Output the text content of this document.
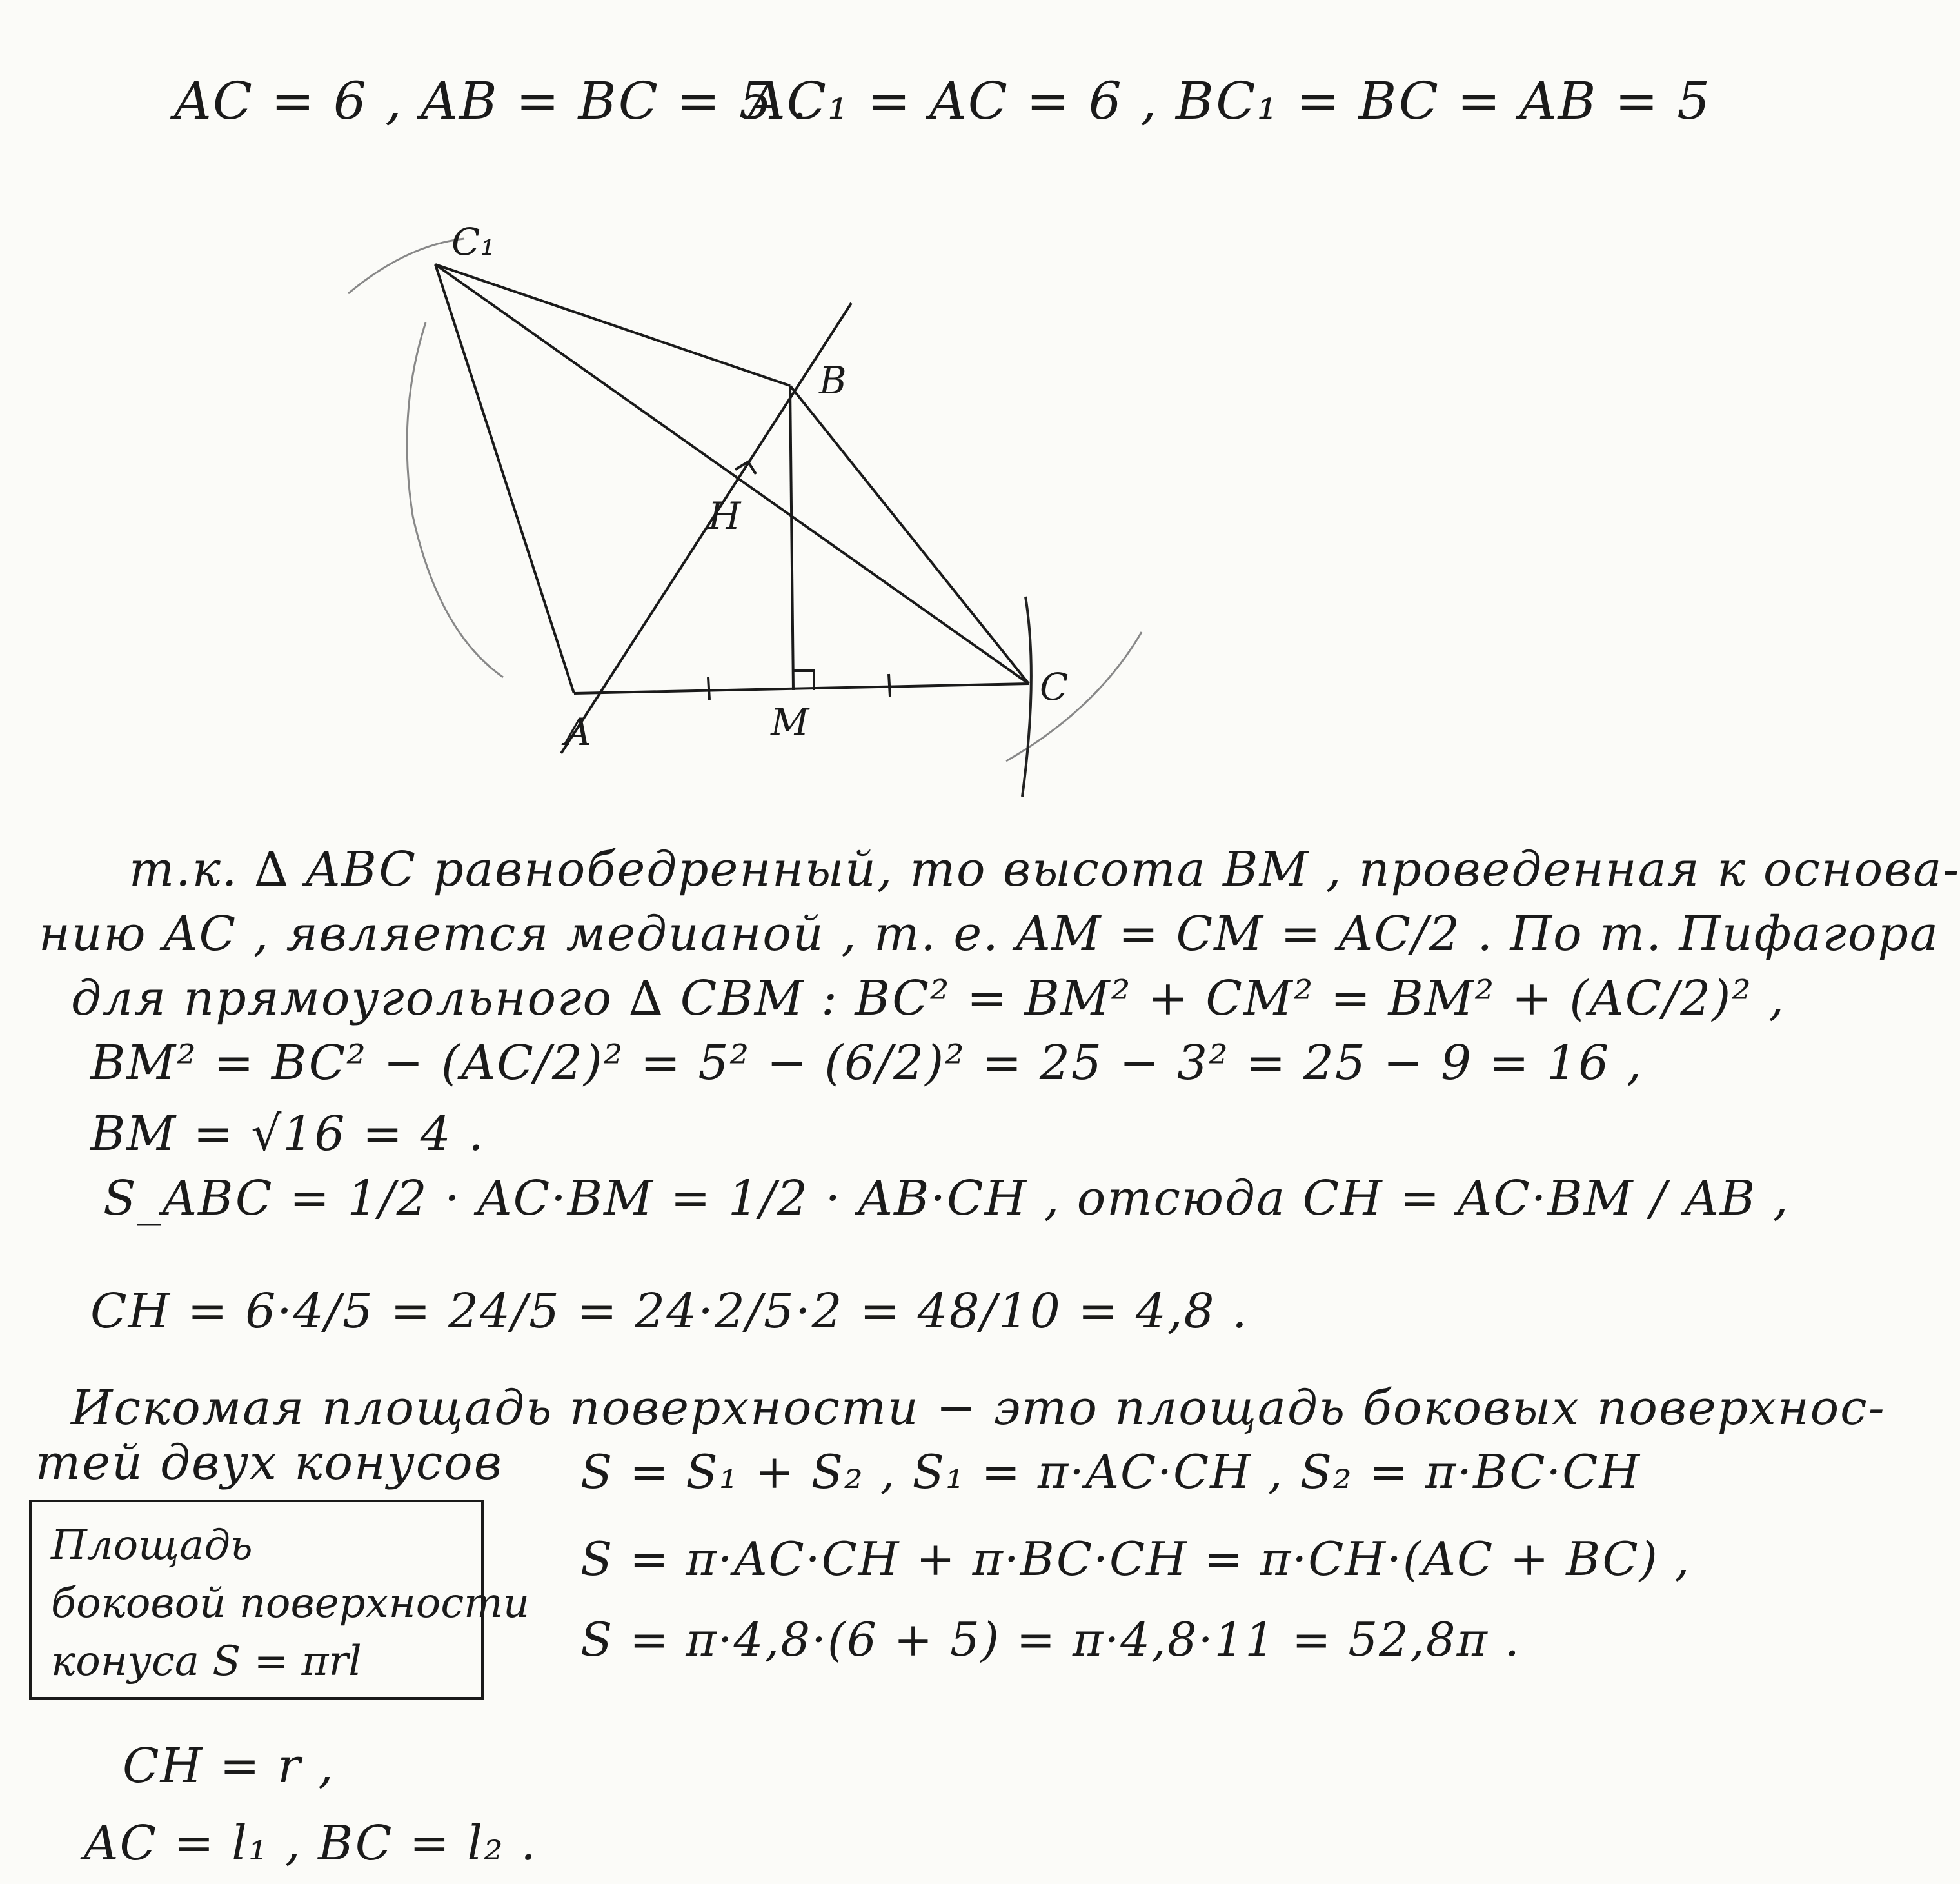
AC = 6 , AB = BC = 5 .
AC₁ = AC = 6 , BC₁ = BC = AB = 5
C₁
B
H
A	M
C
т.к. ∆ ABC равнобедренный, то высота BM , проведенная к основа-
нию AC , является медианой , т. е. AM = CM = AC/2 . По т. Пифагора
для прямоугольного ∆ CBM : BC² = BM² + CM² = BM² + (AC/2)² ,
BM² = BC² − (AC/2)² = 5² − (6/2)² = 25 − 3² = 25 − 9 = 16 ,
BM = √16 = 4 .
S_ABC = 1/2 · AC·BM = 1/2 · AB·CH , отсюда CH = AC·BM / AB ,
CH = 6·4/5 = 24/5 = 24·2/5·2 = 48/10 = 4,8 .
Искомая площадь поверхности − это площадь боковых поверхнос-
тей двух конусов S = S₁ + S₂ , S₁ = π·AC·CH , S₂ = π·BC·CH
S = π·AC·CH + π·BC·CH = π·CH·(AC + BC) ,
S = π·4,8·(6 + 5) = π·4,8·11 = 52,8π .
Площадь
боковой поверхности
конуса S = πrl
CH = r ,
AC = l₁ , BC = l₂ .
